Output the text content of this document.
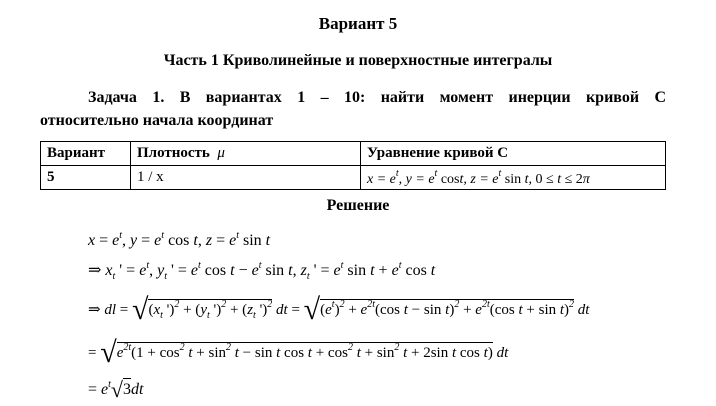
Вариант 5
Часть 1 Криволинейные и поверхностные интегралы
Задача 1. В вариантах 1 – 10: найти момент инерции кривой С
относительно начала координат
Вариант	Плотность μ	Уравнение кривой С
5	1 / x	$x = e^t$, $y = e^t$ cost, $z = e^t$ sin t, 0 ≤ t ≤ 2π
Решение
$x = e^t$, $y = e^t$ cos t, $z = e^t$ sin t
⇒ $x_t$ ' = $e^t$, $y_t$ ' = $e^t$ $\cos t - e^t$ sin t, $z_t$ ' = $e^t$ $\sin t + e^t$ cos t
⇒ dl = $√(x_t$ ')$^2 + (y_t$ ')$^2 + (z_t$ ')$^2$ dt = $√(e^t)^2 + e^{2t}(\cos$ $t - \sin t)^2 + e^{2t}(\cos$ t + sin t)$^2$ dt
= $√e^{2t}(1 + \cos^2 t + \sin^2 t - \sin t$ $\cos t + \cos^2 t + \sin^2 t + 2\sin$ t cos t) dt
= $e^t√3dt$
